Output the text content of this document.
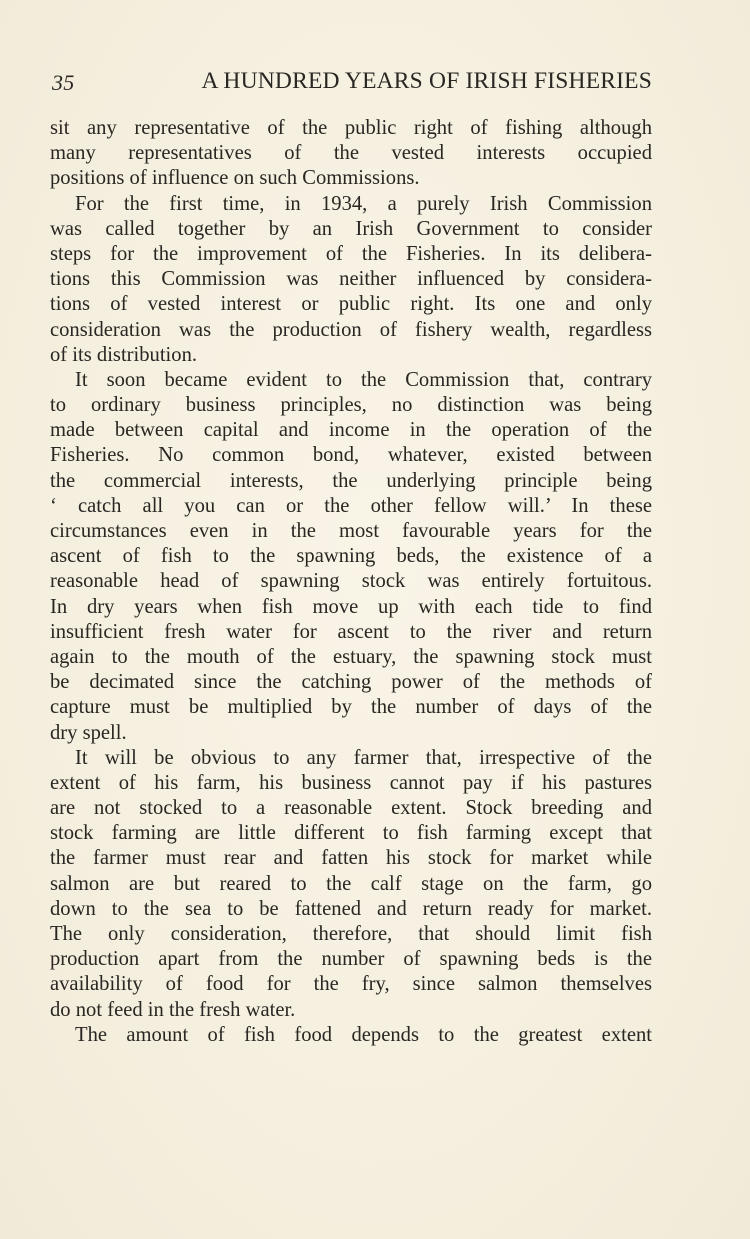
35	A HUNDRED YEARS OF IRISH FISHERIES
sit any representative of the public right of fishing although
many representatives of the vested interests occupied
positions of influence on such Commissions.
For the first time, in 1934, a purely Irish Commission
was called together by an Irish Government to consider
steps for the improvement of the Fisheries. In its delibera-
tions this Commission was neither influenced by considera-
tions of vested interest or public right. Its one and only
consideration was the production of fishery wealth, regardless
of its distribution.
It soon became evident to the Commission that, contrary
to ordinary business principles, no distinction was being
made between capital and income in the operation of the
Fisheries. No common bond, whatever, existed between
the commercial interests, the underlying principle being
‘ catch all you can or the other fellow will.’ In these
circumstances even in the most favourable years for the
ascent of fish to the spawning beds, the existence of a
reasonable head of spawning stock was entirely fortuitous.
In dry years when fish move up with each tide to find
insufficient fresh water for ascent to the river and return
again to the mouth of the estuary, the spawning stock must
be decimated since the catching power of the methods of
capture must be multiplied by the number of days of the
dry spell.
It will be obvious to any farmer that, irrespective of the
extent of his farm, his business cannot pay if his pastures
are not stocked to a reasonable extent. Stock breeding and
stock farming are little different to fish farming except that
the farmer must rear and fatten his stock for market while
salmon are but reared to the calf stage on the farm, go
down to the sea to be fattened and return ready for market.
The only consideration, therefore, that should limit fish
production apart from the number of spawning beds is the
availability of food for the fry, since salmon themselves
do not feed in the fresh water.
The amount of fish food depends to the greatest extent
